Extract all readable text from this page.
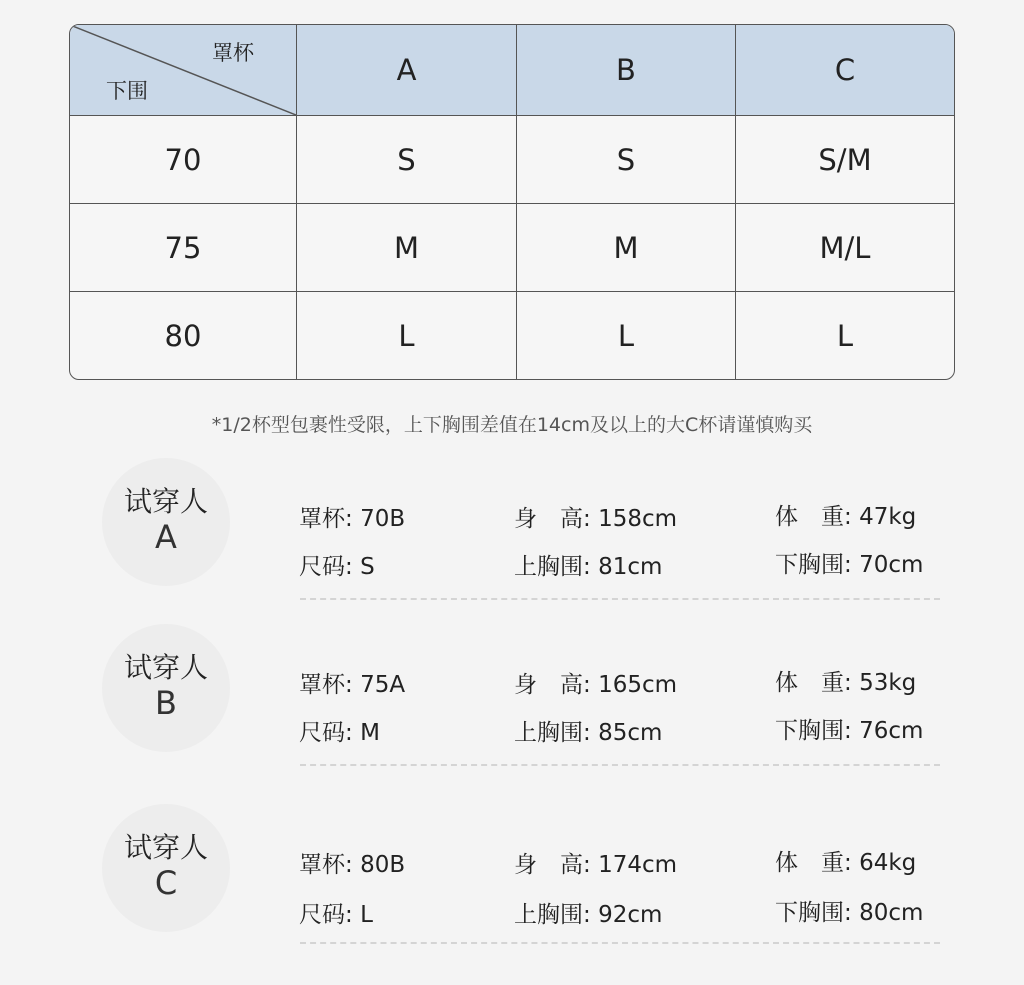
罩杯
下围
A	B	C
70	S	S	S/M
75	M	M	M/L
80	L	L	L
*1/2杯型包裹性受限，上下胸围差值在14cm及以上的大C杯请谨慎购买
试穿人
A	罩杯: 70B	身　高: 158cm	体　重: 47kg
尺码: S	上胸围: 81cm	下胸围: 70cm
试穿人
B	罩杯: 75A	身　高: 165cm	体　重: 53kg
尺码: M	上胸围: 85cm	下胸围: 76cm
试穿人
C	罩杯: 80B	身　高: 174cm	体　重: 64kg
尺码: L	上胸围: 92cm	下胸围: 80cm
